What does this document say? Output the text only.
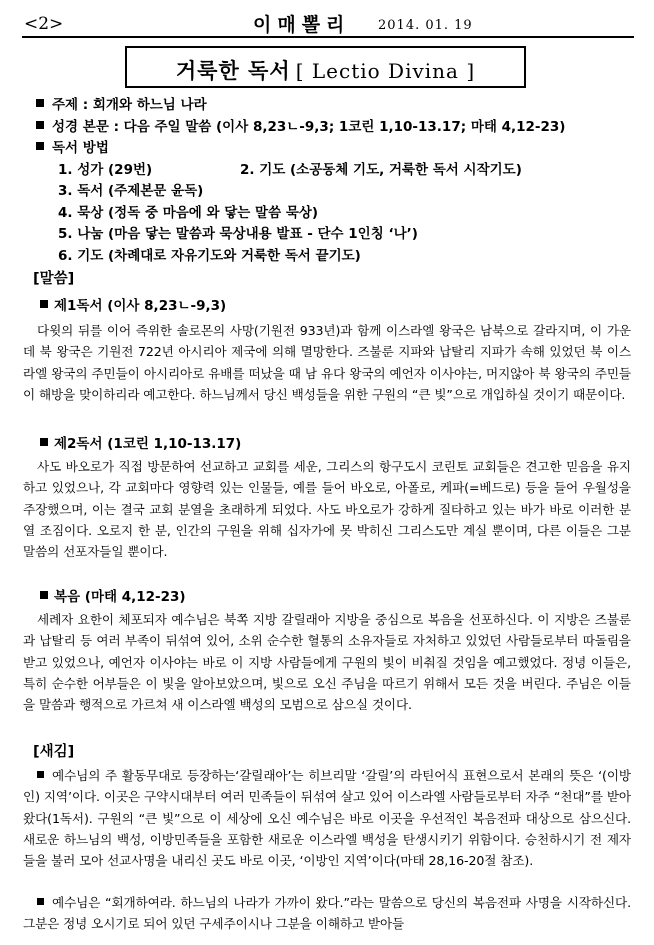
<2>	이매뽈리 2014. 01. 19
거룩한 독서 [ Lectio Divina ]
주제 : 회개와 하느님 나라
성경 본문 : 다음 주일 말씀 (이사 8,23ㄴ-9,3; 1코린 1,10-13.17; 마태 4,12-23)
독서 방법
1. 성가 (29번)	2. 기도 (소공동체 기도, 거룩한 독서 시작기도)
3. 독서 (주제본문 윤독)
4. 묵상 (정독 중 마음에 와 닿는 말씀 묵상)
5. 나눔 (마음 닿는 말씀과 묵상내용 발표 - 단수 1인칭 ‘나’)
6. 기도 (차례대로 자유기도와 거룩한 독서 끝기도)
[말씀]
제1독서 (이사 8,23ㄴ-9,3)
다윗의 뒤를 이어 즉위한 솔로몬의 사망(기원전 933년)과 함께 이스라엘 왕국은 남북으로 갈라지며, 이 가운데 북 왕국은 기원전 722년 아시리아 제국에 의해 멸망한다. 즈불룬 지파와 납탈리 지파가 속해 있었던 북 이스라엘 왕국의 주민들이 아시리아로 유배를 떠났을 때 남 유다 왕국의 예언자 이사야는, 머지않아 북 왕국의 주민들이 해방을 맞이하리라 예고한다. 하느님께서 당신 백성들을 위한 구원의 “큰 빛”으로 개입하실 것이기 때문이다.
제2독서 (1코린 1,10-13.17)
사도 바오로가 직접 방문하여 선교하고 교회를 세운, 그리스의 항구도시 코린토 교회들은 견고한 믿음을 유지하고 있었으나, 각 교회마다 영향력 있는 인물들, 예를 들어 바오로, 아폴로, 케파(=베드로) 등을 들어 우월성을 주장했으며, 이는 결국 교회 분열을 초래하게 되었다. 사도 바오로가 강하게 질타하고 있는 바가 바로 이러한 분열 조짐이다. 오로지 한 분, 인간의 구원을 위해 십자가에 못 박히신 그리스도만 계실 뿐이며, 다른 이들은 그분 말씀의 선포자들일 뿐이다.
복음 (마태 4,12-23)
세례자 요한이 체포되자 예수님은 북쪽 지방 갈릴래아 지방을 중심으로 복음을 선포하신다. 이 지방은 즈불룬과 납탈리 등 여러 부족이 뒤섞여 있어, 소위 순수한 혈통의 소유자들로 자처하고 있었던 사람들로부터 따돌림을 받고 있었으나, 예언자 이사야는 바로 이 지방 사람들에게 구원의 빛이 비춰질 것임을 예고했었다. 정녕 이들은, 특히 순수한 어부들은 이 빛을 알아보았으며, 빛으로 오신 주님을 따르기 위해서 모든 것을 버린다. 주님은 이들을 말씀과 행적으로 가르쳐 새 이스라엘 백성의 모범으로 삼으실 것이다.
[새김]
예수님의 주 활동무대로 등장하는‘갈릴래아’는 히브리말 ‘갈릴’의 라틴어식 표현으로서 본래의 뜻은 ‘(이방인) 지역’이다. 이곳은 구약시대부터 여러 민족들이 뒤섞여 살고 있어 이스라엘 사람들로부터 자주 “천대”를 받아 왔다(1독서). 구원의 “큰 빛”으로 이 세상에 오신 예수님은 바로 이곳을 우선적인 복음전파 대상으로 삼으신다. 새로운 하느님의 백성, 이방민족들을 포함한 새로운 이스라엘 백성을 탄생시키기 위함이다. 승천하시기 전 제자들을 불러 모아 선교사명을 내리신 곳도 바로 이곳, ‘이방인 지역’이다(마태 28,16-20절 참조).
예수님은 “회개하여라. 하느님의 나라가 가까이 왔다.”라는 말씀으로 당신의 복음전파 사명을 시작하신다. 그분은 정녕 오시기로 되어 있던 구세주이시나 그분을 이해하고 받아들
